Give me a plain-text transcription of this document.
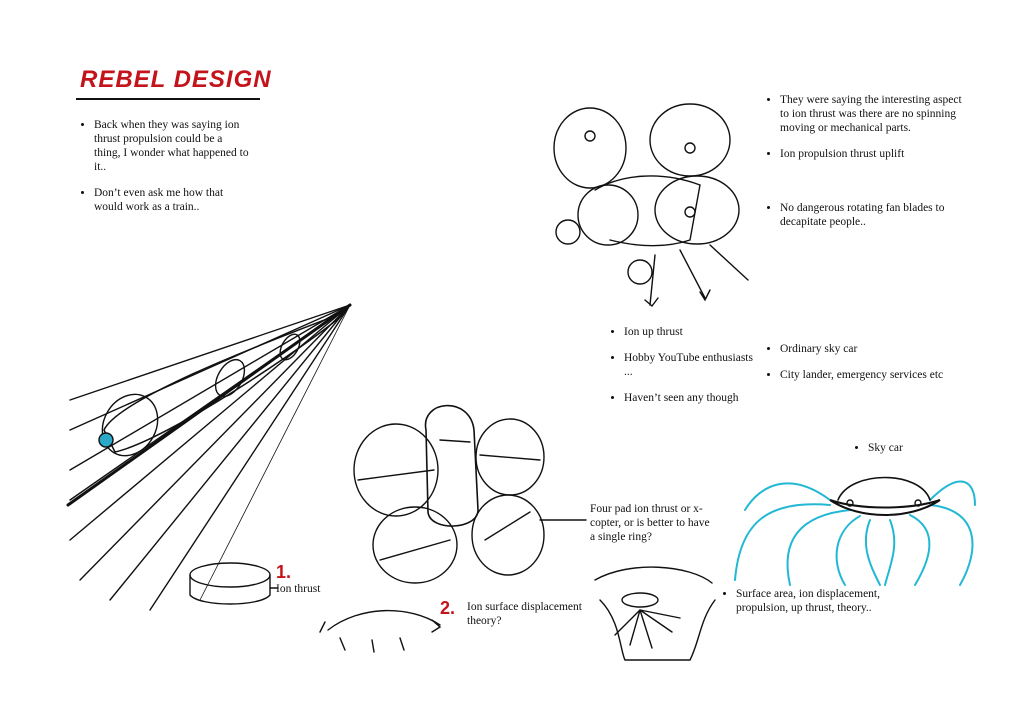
REBEL DESIGN
• Back when they was saying ion thrust propulsion could be a thing, I wonder what happened to it..
• Don’t even ask me how that would work as a train..
• They were saying the interesting aspect to ion thrust was there are no spinning moving or mechanical parts.
• Ion propulsion thrust uplift
• No dangerous rotating fan blades to decapitate people..
• Ion up thrust
• Hobby YouTube enthusiasts ...
• Haven’t seen any though
• Ordinary sky car
• City lander, emergency services etc
• Sky car
Four pad ion thrust or x-copter, or is better to have a single ring?
• Surface area, ion displacement, propulsion, up thrust, theory..
1.
2.
Ion thrust
Ion surface displacement theory?
